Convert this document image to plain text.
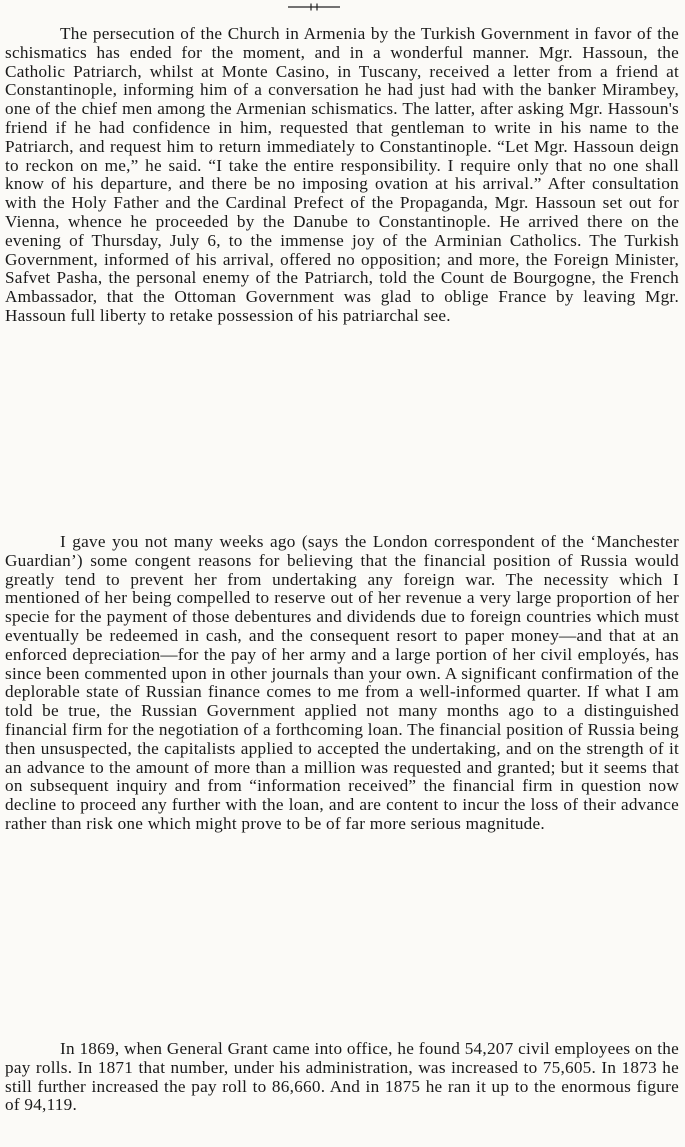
The persecution of the Church in Armenia by the Turkish Government in favor of the schismatics has ended for the moment, and in a wonderful manner. Mgr. Hassoun, the Catholic Patriarch, whilst at Monte Casino, in Tuscany, received a letter from a friend at Constantinople, informing him of a conversation he had just had with the banker Mirambey, one of the chief men among the Armenian schismatics. The latter, after asking Mgr. Hassoun's friend if he had confidence in him, requested that gentleman to write in his name to the Patriarch, and request him to return immediately to Constantinople. “Let Mgr. Hassoun deign to reckon on me,” he said. “I take the entire responsibility. I require only that no one shall know of his departure, and there be no imposing ovation at his arrival.” After consultation with the Holy Father and the Cardinal Prefect of the Propaganda, Mgr. Hassoun set out for Vienna, whence he proceeded by the Danube to Constantinople. He arrived there on the evening of Thursday, July 6, to the immense joy of the Arminian Catholics. The Turkish Government, informed of his arrival, offered no opposition; and more, the Foreign Minister, Safvet Pasha, the personal enemy of the Patriarch, told the Count de Bourgogne, the French Ambassador, that the Ottoman Government was glad to oblige France by leaving Mgr. Hassoun full liberty to retake possession of his patriarchal see.

I gave you not many weeks ago (says the London correspondent of the ‘Manchester Guardian’) some congent reasons for believing that the financial position of Russia would greatly tend to prevent her from undertaking any foreign war. The necessity which I mentioned of her being compelled to reserve out of her revenue a very large proportion of her specie for the payment of those debentures and dividends due to foreign countries which must eventually be redeemed in cash, and the consequent resort to paper money—and that at an enforced depreciation—for the pay of her army and a large portion of her civil employés, has since been commented upon in other journals than your own. A significant confirmation of the deplorable state of Russian finance comes to me from a well-informed quarter. If what I am told be true, the Russian Government applied not many months ago to a distinguished financial firm for the negotiation of a forthcoming loan. The financial position of Russia being then unsuspected, the capitalists applied to accepted the undertaking, and on the strength of it an advance to the amount of more than a million was requested and granted; but it seems that on subsequent inquiry and from “information received” the financial firm in question now decline to proceed any further with the loan, and are content to incur the loss of their advance rather than risk one which might prove to be of far more serious magnitude.

In 1869, when General Grant came into office, he found 54,207 civil employees on the pay rolls. In 1871 that number, under his administration, was increased to 75,605. In 1873 he still further increased the pay roll to 86,660. And in 1875 he ran it up to the enormous figure of 94,119.
